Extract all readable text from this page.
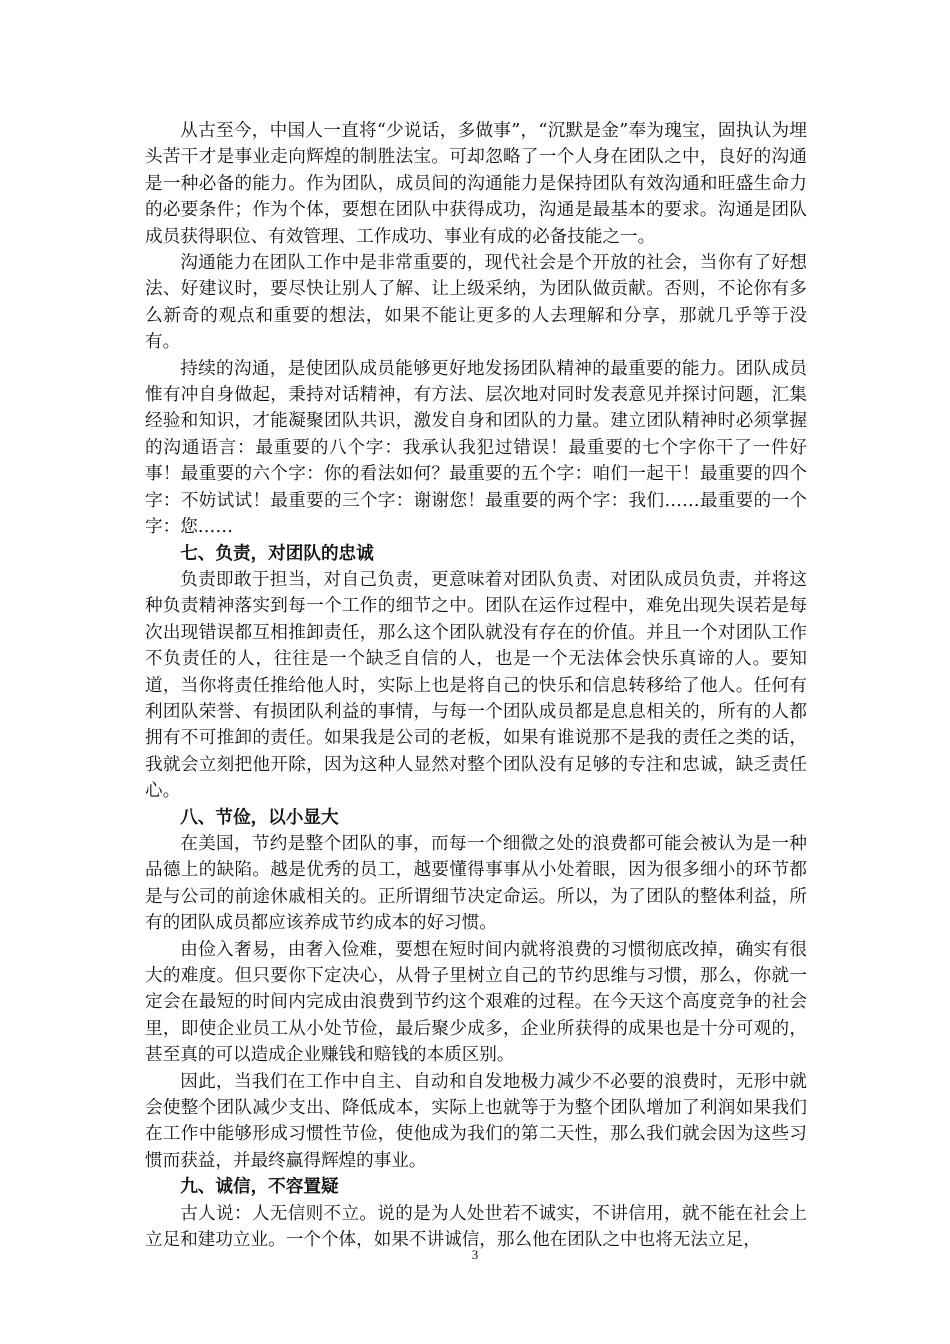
从古至今，中国人一直将“少说话，多做事”，“沉默是金”奉为瑰宝，固执认为埋头苦干才是事业走向辉煌的制胜法宝。可却忽略了一个人身在团队之中，良好的沟通是一种必备的能力。作为团队，成员间的沟通能力是保持团队有效沟通和旺盛生命力的必要条件；作为个体，要想在团队中获得成功，沟通是最基本的要求。沟通是团队成员获得职位、有效管理、工作成功、事业有成的必备技能之一。

沟通能力在团队工作中是非常重要的，现代社会是个开放的社会，当你有了好想法、好建议时，要尽快让别人了解、让上级采纳，为团队做贡献。否则，不论你有多么新奇的观点和重要的想法，如果不能让更多的人去理解和分享，那就几乎等于没有。

持续的沟通，是使团队成员能够更好地发扬团队精神的最重要的能力。团队成员惟有冲自身做起，秉持对话精神，有方法、层次地对同时发表意见并探讨问题，汇集经验和知识，才能凝聚团队共识，激发自身和团队的力量。建立团队精神时必须掌握的沟通语言：最重要的八个字：我承认我犯过错误！最重要的七个字你干了一件好事！最重要的六个字：你的看法如何？最重要的五个字：咱们一起干！最重要的四个字：不妨试试！最重要的三个字：谢谢您！最重要的两个字：我们……最重要的一个字：您……

七、负责，对团队的忠诚

负责即敢于担当，对自己负责，更意味着对团队负责、对团队成员负责，并将这种负责精神落实到每一个工作的细节之中。团队在运作过程中，难免出现失误若是每次出现错误都互相推卸责任，那么这个团队就没有存在的价值。并且一个对团队工作不负责任的人，往往是一个缺乏自信的人，也是一个无法体会快乐真谛的人。要知道，当你将责任推给他人时，实际上也是将自己的快乐和信息转移给了他人。任何有利团队荣誉、有损团队利益的事情，与每一个团队成员都是息息相关的，所有的人都拥有不可推卸的责任。如果我是公司的老板，如果有谁说那不是我的责任之类的话，我就会立刻把他开除，因为这种人显然对整个团队没有足够的专注和忠诚，缺乏责任心。

八、节俭，以小显大

在美国，节约是整个团队的事，而每一个细微之处的浪费都可能会被认为是一种品德上的缺陷。越是优秀的员工，越要懂得事事从小处着眼，因为很多细小的环节都是与公司的前途休戚相关的。正所谓细节决定命运。所以，为了团队的整体利益，所有的团队成员都应该养成节约成本的好习惯。

由俭入奢易，由奢入俭难，要想在短时间内就将浪费的习惯彻底改掉，确实有很大的难度。但只要你下定决心，从骨子里树立自己的节约思维与习惯，那么，你就一定会在最短的时间内完成由浪费到节约这个艰难的过程。在今天这个高度竞争的社会里，即使企业员工从小处节俭，最后聚少成多，企业所获得的成果也是十分可观的，甚至真的可以造成企业赚钱和赔钱的本质区别。

因此，当我们在工作中自主、自动和自发地极力减少不必要的浪费时，无形中就会使整个团队减少支出、降低成本，实际上也就等于为整个团队增加了利润如果我们在工作中能够形成习惯性节俭，使他成为我们的第二天性，那么我们就会因为这些习惯而获益，并最终赢得辉煌的事业。

九、诚信，不容置疑

古人说：人无信则不立。说的是为人处世若不诚实，不讲信用，就不能在社会上立足和建功立业。一个个体，如果不讲诚信，那么他在团队之中也将无法立足，

3
